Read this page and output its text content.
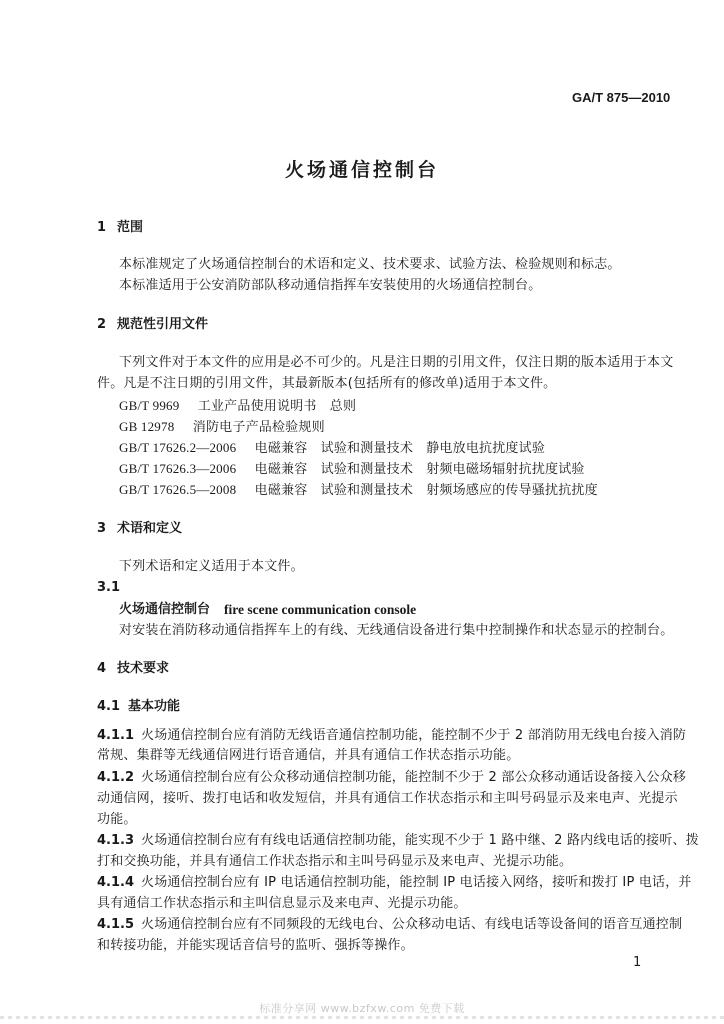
GA/T 875—2010
火场通信控制台
1 范围
本标准规定了火场通信控制台的术语和定义、技术要求、试验方法、检验规则和标志。
本标准适用于公安消防部队移动通信指挥车安装使用的火场通信控制台。
2 规范性引用文件
下列文件对于本文件的应用是必不可少的。凡是注日期的引用文件，仅注日期的版本适用于本文
件。凡是不注日期的引用文件，其最新版本(包括所有的修改单)适用于本文件。
GB/T 9969 工业产品使用说明书　总则
GB 12978 消防电子产品检验规则
GB/T 17626.2—2006 电磁兼容　试验和测量技术　静电放电抗扰度试验
GB/T 17626.3—2006 电磁兼容　试验和测量技术　射频电磁场辐射抗扰度试验
GB/T 17626.5—2008 电磁兼容　试验和测量技术　射频场感应的传导骚扰抗扰度
3 术语和定义
下列术语和定义适用于本文件。
3.1
火场通信控制台 fire scene communication console
对安装在消防移动通信指挥车上的有线、无线通信设备进行集中控制操作和状态显示的控制台。
4 技术要求
4.1 基本功能
4.1.1 火场通信控制台应有消防无线语音通信控制功能，能控制不少于 2 部消防用无线电台接入消防
常规、集群等无线通信网进行语音通信，并具有通信工作状态指示功能。
4.1.2 火场通信控制台应有公众移动通信控制功能，能控制不少于 2 部公众移动通话设备接入公众移
动通信网，接听、拨打电话和收发短信，并具有通信工作状态指示和主叫号码显示及来电声、光提示
功能。
4.1.3 火场通信控制台应有有线电话通信控制功能，能实现不少于 1 路中继、2 路内线电话的接听、拨
打和交换功能，并具有通信工作状态指示和主叫号码显示及来电声、光提示功能。
4.1.4 火场通信控制台应有 IP 电话通信控制功能，能控制 IP 电话接入网络，接听和拨打 IP 电话，并
具有通信工作状态指示和主叫信息显示及来电声、光提示功能。
4.1.5 火场通信控制台应有不同频段的无线电台、公众移动电话、有线电话等设备间的语音互通控制
和转接功能，并能实现话音信号的监听、强拆等操作。
1
标准分享网 www.bzfxw.com 免费下载
